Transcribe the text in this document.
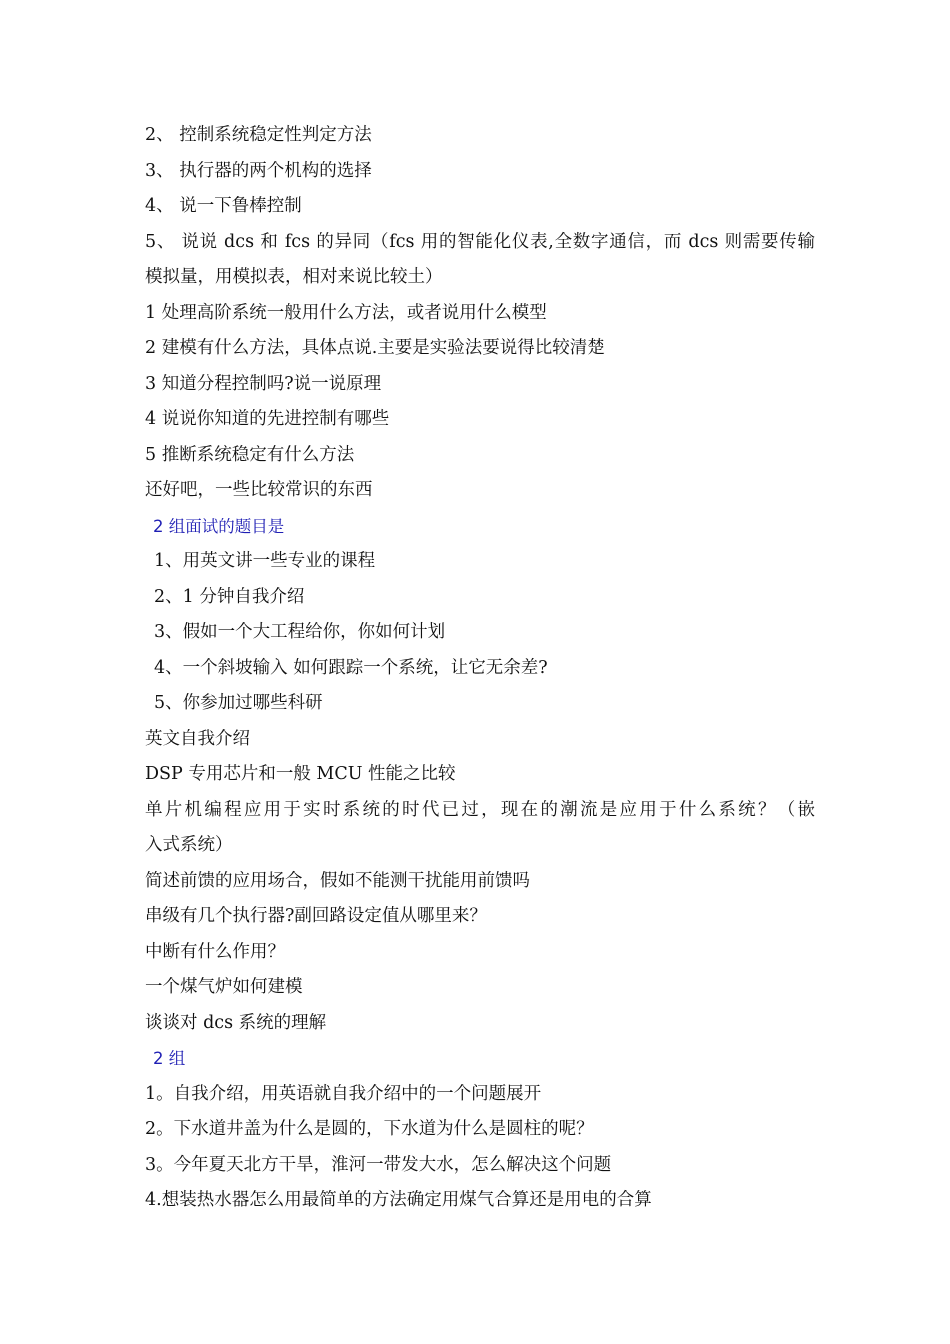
2、 控制系统稳定性判定方法
3、 执行器的两个机构的选择
4、 说一下鲁棒控制
5、 说说 dcs 和 fcs 的异同（fcs 用的智能化仪表,全数字通信，而 dcs 则需要传输
模拟量，用模拟表，相对来说比较土）
1 处理高阶系统一般用什么方法，或者说用什么模型
2 建模有什么方法，具体点说.主要是实验法要说得比较清楚
3 知道分程控制吗?说一说原理
4 说说你知道的先进控制有哪些
5 推断系统稳定有什么方法
还好吧，一些比较常识的东西
2 组面试的题目是
1、用英文讲一些专业的课程
2、1 分钟自我介绍
3、假如一个大工程给你，你如何计划
4、一个斜坡输入 如何跟踪一个系统，让它无余差?
5、你参加过哪些科研
英文自我介绍
DSP 专用芯片和一般 MCU 性能之比较
单片机编程应用于实时系统的时代已过，现在的潮流是应用于什么系统？（嵌
入式系统）
简述前馈的应用场合，假如不能测干扰能用前馈吗
串级有几个执行器?副回路设定值从哪里来？
中断有什么作用？
一个煤气炉如何建模
谈谈对 dcs 系统的理解
2 组
1。自我介绍，用英语就自我介绍中的一个问题展开
2。下水道井盖为什么是圆的，下水道为什么是圆柱的呢？
3。今年夏天北方干旱，淮河一带发大水，怎么解决这个问题
4.想装热水器怎么用最简单的方法确定用煤气合算还是用电的合算
